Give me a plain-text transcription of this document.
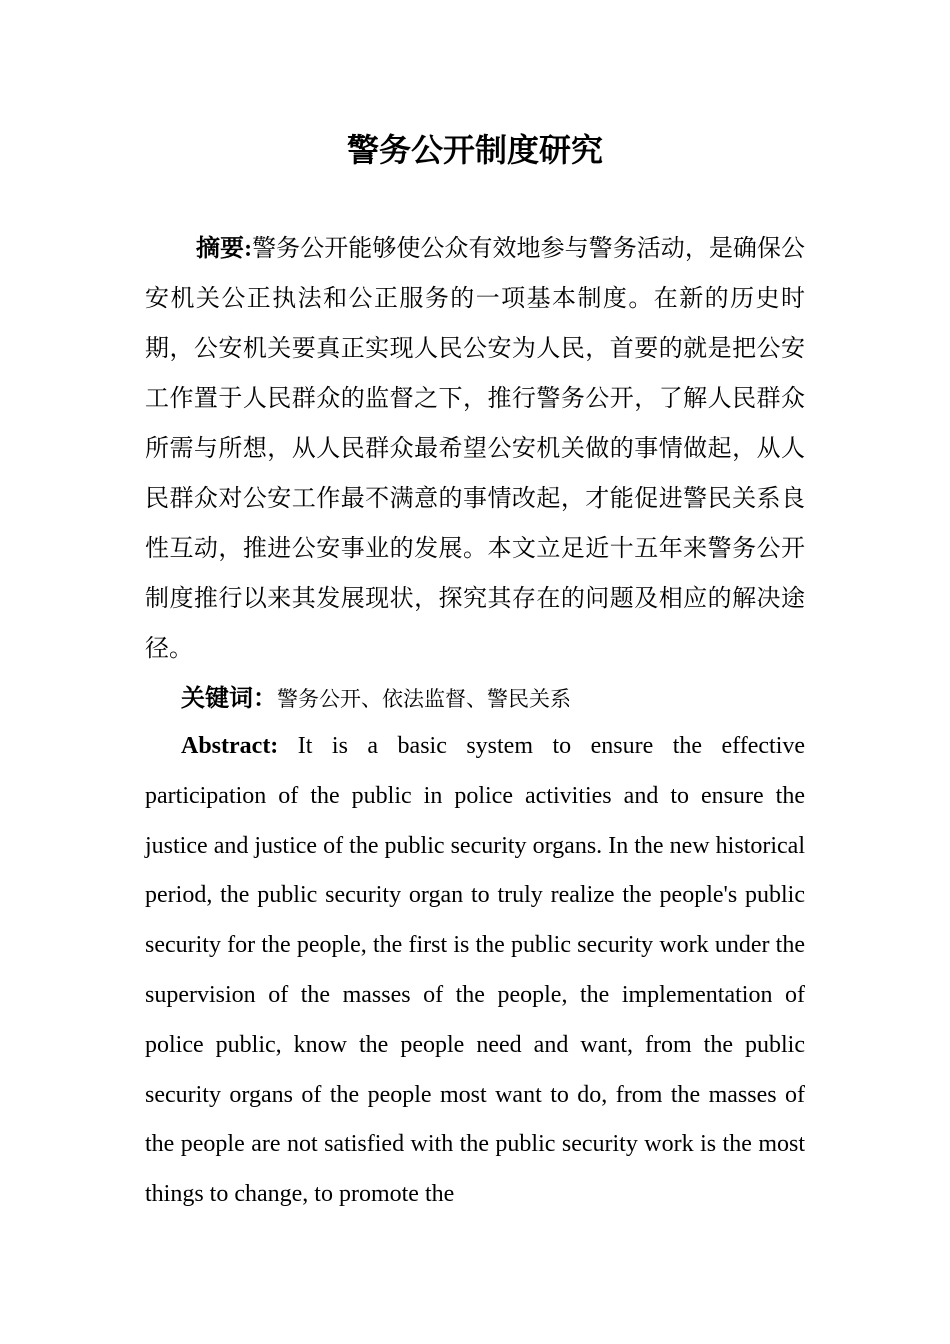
警务公开制度研究

摘要:警务公开能够使公众有效地参与警务活动，是确保公安机关公正执法和公正服务的一项基本制度。在新的历史时期，公安机关要真正实现人民公安为人民，首要的就是把公安工作置于人民群众的监督之下，推行警务公开，了解人民群众所需与所想，从人民群众最希望公安机关做的事情做起，从人民群众对公安工作最不满意的事情改起，才能促进警民关系良性互动，推进公安事业的发展。本文立足近十五年来警务公开制度推行以来其发展现状，探究其存在的问题及相应的解决途径。

关键词：警务公开、依法监督、警民关系

Abstract: It is a basic system to ensure the effective participation of the public in police activities and to ensure the justice and justice of the public security organs. In the new historical period, the public security organ to truly realize the people's public security for the people, the first is the public security work under the supervision of the masses of the people, the implementation of police public, know the people need and want, from the public security organs of the people most want to do, from the masses of the people are not satisfied with the public security work is the most things to change, to promote the
